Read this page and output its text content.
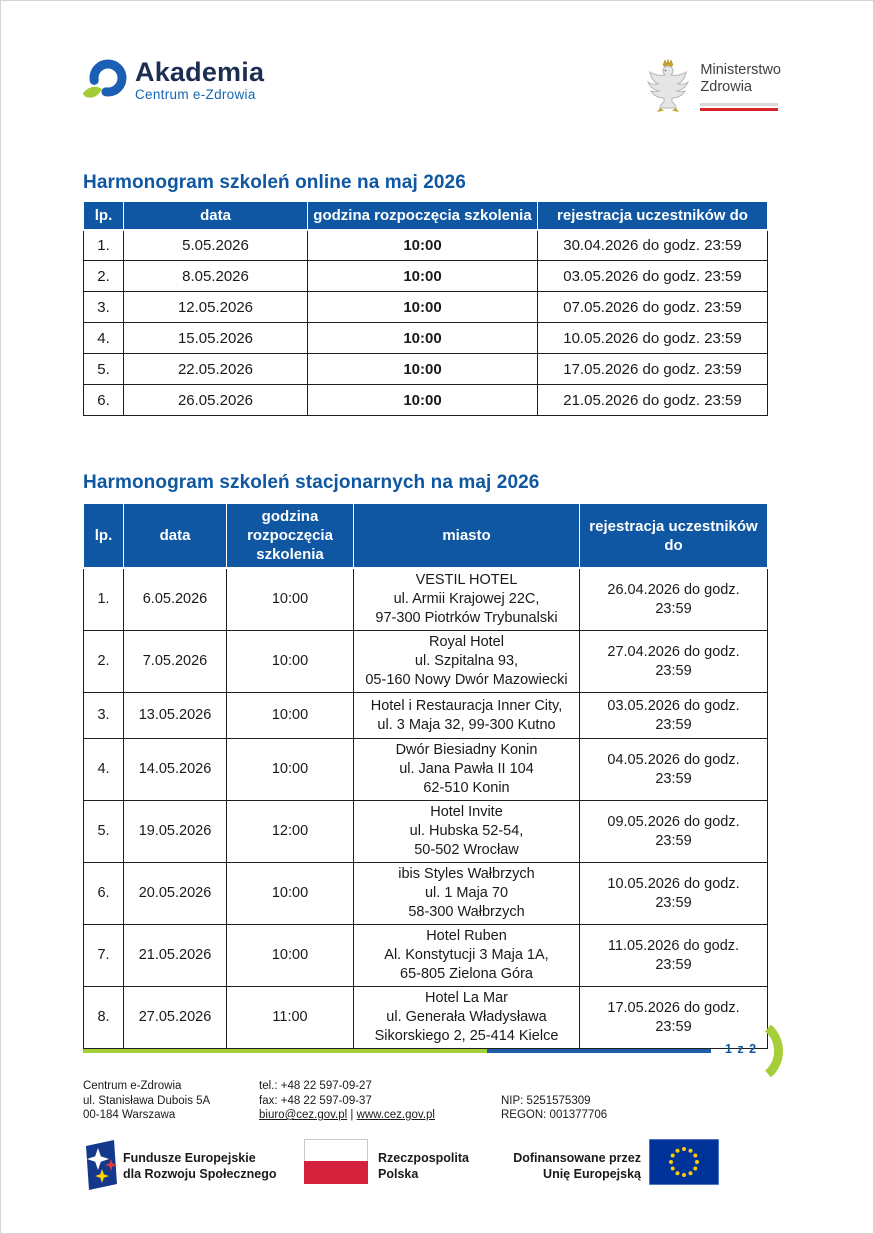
Akademia
Centrum e-Zdrowia
Ministerstwo
Zdrowia
Harmonogram szkoleń online na maj 2026
lp.	data	godzina rozpoczęcia szkolenia	rejestracja uczestników do
1.	5.05.2026	10:00	30.04.2026 do godz. 23:59
2.	8.05.2026	10:00	03.05.2026 do godz. 23:59
3.	12.05.2026	10:00	07.05.2026 do godz. 23:59
4.	15.05.2026	10:00	10.05.2026 do godz. 23:59
5.	22.05.2026	10:00	17.05.2026 do godz. 23:59
6.	26.05.2026	10:00	21.05.2026 do godz. 23:59
Harmonogram szkoleń stacjonarnych na maj 2026
lp.	data	godzina rozpoczęcia szkolenia	miasto	rejestracja uczestników do
1.	6.05.2026	10:00	VESTIL HOTEL
ul. Armii Krajowej 22C,
97-300 Piotrków Trybunalski	26.04.2026 do godz. 23:59
2.	7.05.2026	10:00	Royal Hotel
ul. Szpitalna 93,
05-160 Nowy Dwór Mazowiecki	27.04.2026 do godz. 23:59
3.	13.05.2026	10:00	Hotel i Restauracja Inner City,
ul. 3 Maja 32, 99-300 Kutno	03.05.2026 do godz. 23:59
4.	14.05.2026	10:00	Dwór Biesiadny Konin
ul. Jana Pawła II 104
62-510 Konin	04.05.2026 do godz. 23:59
5.	19.05.2026	12:00	Hotel Invite
ul. Hubska 52-54,
50-502 Wrocław	09.05.2026 do godz. 23:59
6.	20.05.2026	10:00	ibis Styles Wałbrzych
ul. 1 Maja 70
58-300 Wałbrzych	10.05.2026 do godz. 23:59
7.	21.05.2026	10:00	Hotel Ruben
Al. Konstytucji 3 Maja 1A,
65-805 Zielona Góra	11.05.2026 do godz. 23:59
8.	27.05.2026	11:00	Hotel La Mar
ul. Generała Władysława
Sikorskiego 2, 25-414 Kielce	17.05.2026 do godz. 23:59
1 z 2
Centrum e-Zdrowia
ul. Stanisława Dubois 5A
00-184 Warszawa
tel.: +48 22 597-09-27
fax: +48 22 597-09-37
biuro@cez.gov.pl | www.cez.gov.pl
NIP: 5251575309
REGON: 001377706
Fundusze Europejskie
dla Rozwoju Społecznego
Rzeczpospolita
Polska
Dofinansowane przez
Unię Europejską
